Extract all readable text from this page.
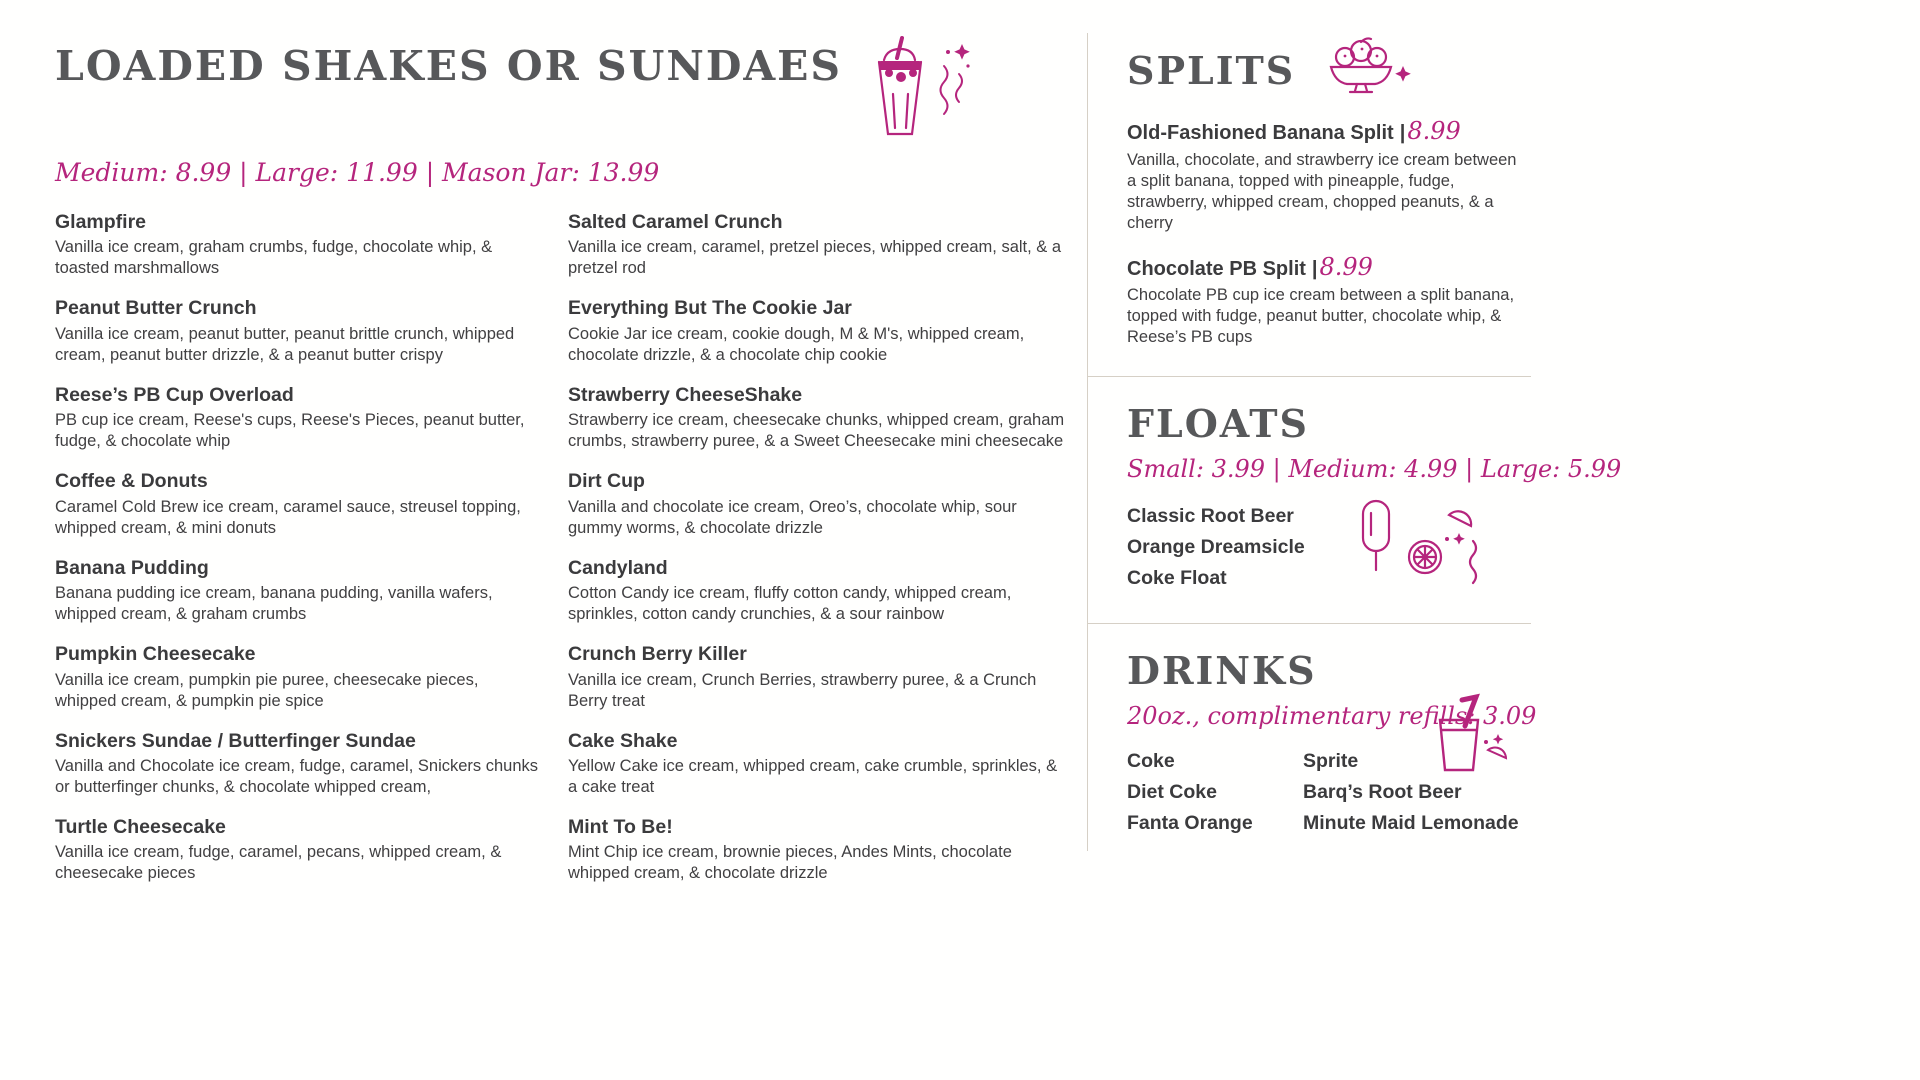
LOADED SHAKES OR SUNDAES
Medium: 8.99 | Large: 11.99 | Mason Jar: 13.99
Glampfire
Vanilla ice cream, graham crumbs, fudge, chocolate whip, & toasted marshmallows
Peanut Butter Crunch
Vanilla ice cream, peanut butter, peanut brittle crunch, whipped cream, peanut butter drizzle, & a peanut butter crispy
Reese’s PB Cup Overload
PB cup ice cream, Reese's cups, Reese's Pieces, peanut butter, fudge, & chocolate whip
Coffee & Donuts
Caramel Cold Brew ice cream, caramel sauce, streusel topping, whipped cream, & mini donuts
Banana Pudding
Banana pudding ice cream, banana pudding, vanilla wafers, whipped cream, & graham crumbs
Pumpkin Cheesecake
Vanilla ice cream, pumpkin pie puree, cheesecake pieces, whipped cream, & pumpkin pie spice
Snickers Sundae / Butterfinger Sundae
Vanilla and Chocolate ice cream, fudge, caramel, Snickers chunks or butterfinger chunks, & chocolate whipped cream,
Turtle Cheesecake
Vanilla ice cream, fudge, caramel, pecans, whipped cream, & cheesecake pieces
Salted Caramel Crunch
Vanilla ice cream, caramel, pretzel pieces, whipped cream, salt, & a pretzel rod
Everything But The Cookie Jar
Cookie Jar ice cream, cookie dough, M & M's, whipped cream, chocolate drizzle, & a chocolate chip cookie
Strawberry CheeseShake
Strawberry ice cream, cheesecake chunks, whipped cream, graham crumbs, strawberry puree, & a Sweet Cheesecake mini cheesecake
Dirt Cup
Vanilla and chocolate ice cream, Oreo’s, chocolate whip, sour gummy worms, & chocolate drizzle
Candyland
Cotton Candy ice cream, fluffy cotton candy, whipped cream, sprinkles, cotton candy crunchies, & a sour rainbow
Crunch Berry Killer
Vanilla ice cream, Crunch Berries, strawberry puree, & a Crunch Berry treat
Cake Shake
Yellow Cake ice cream, whipped cream, cake crumble, sprinkles, & a cake treat
Mint To Be!
Mint Chip ice cream, brownie pieces, Andes Mints, chocolate whipped cream, & chocolate drizzle
SPLITS
Old-Fashioned Banana Split |8.99
Vanilla, chocolate, and strawberry ice cream between a split banana, topped with pineapple, fudge, strawberry, whipped cream, chopped peanuts, & a cherry
Chocolate PB Split |8.99
Chocolate PB cup ice cream between a split banana, topped with fudge, peanut butter, chocolate whip, & Reese’s PB cups
FLOATS
Small: 3.99 | Medium: 4.99 | Large: 5.99
Classic Root Beer
Orange Dreamsicle
Coke Float
DRINKS
20oz., complimentary refills: 3.09
Coke
Diet Coke
Fanta Orange
Sprite
Barq’s Root Beer
Minute Maid Lemonade
